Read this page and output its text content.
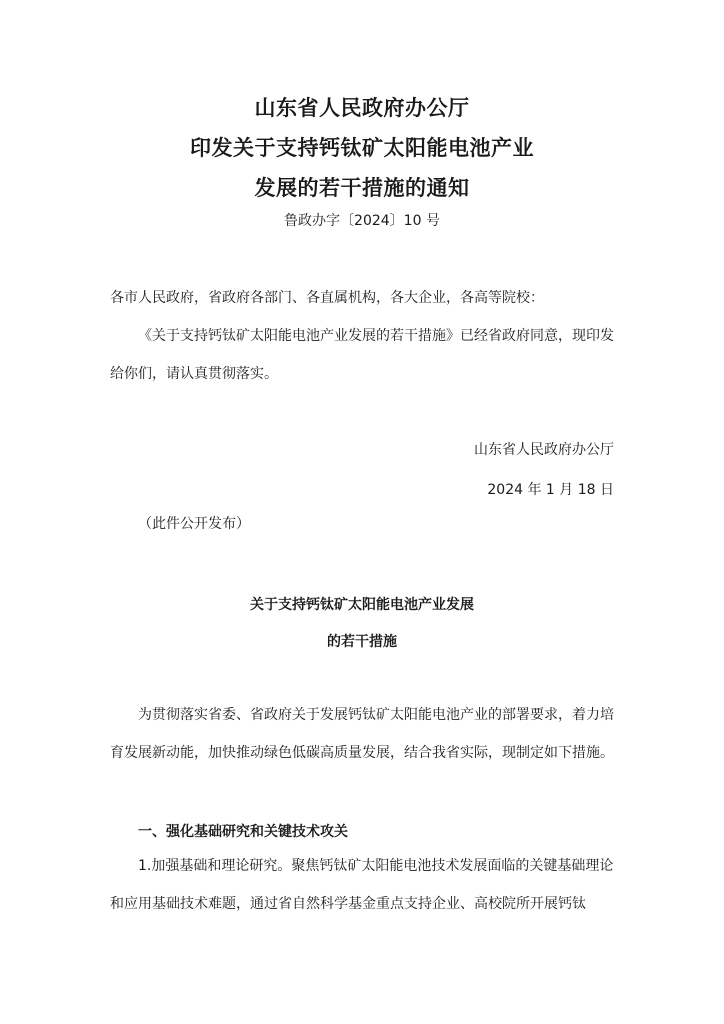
山东省人民政府办公厅
印发关于支持钙钛矿太阳能电池产业
发展的若干措施的通知
鲁政办字〔2024〕10 号

各市人民政府，省政府各部门、各直属机构，各大企业，各高等院校：

《关于支持钙钛矿太阳能电池产业发展的若干措施》已经省政府同意，现印发给你们，请认真贯彻落实。

山东省人民政府办公厅
2024 年 1 月 18 日
（此件公开发布）
关于支持钙钛矿太阳能电池产业发展
的若干措施

为贯彻落实省委、省政府关于发展钙钛矿太阳能电池产业的部署要求，着力培育发展新动能，加快推动绿色低碳高质量发展，结合我省实际，现制定如下措施。

一、强化基础研究和关键技术攻关

1.加强基础和理论研究。聚焦钙钛矿太阳能电池技术发展面临的关键基础理论和应用基础技术难题，通过省自然科学基金重点支持企业、高校院所开展钙钛
